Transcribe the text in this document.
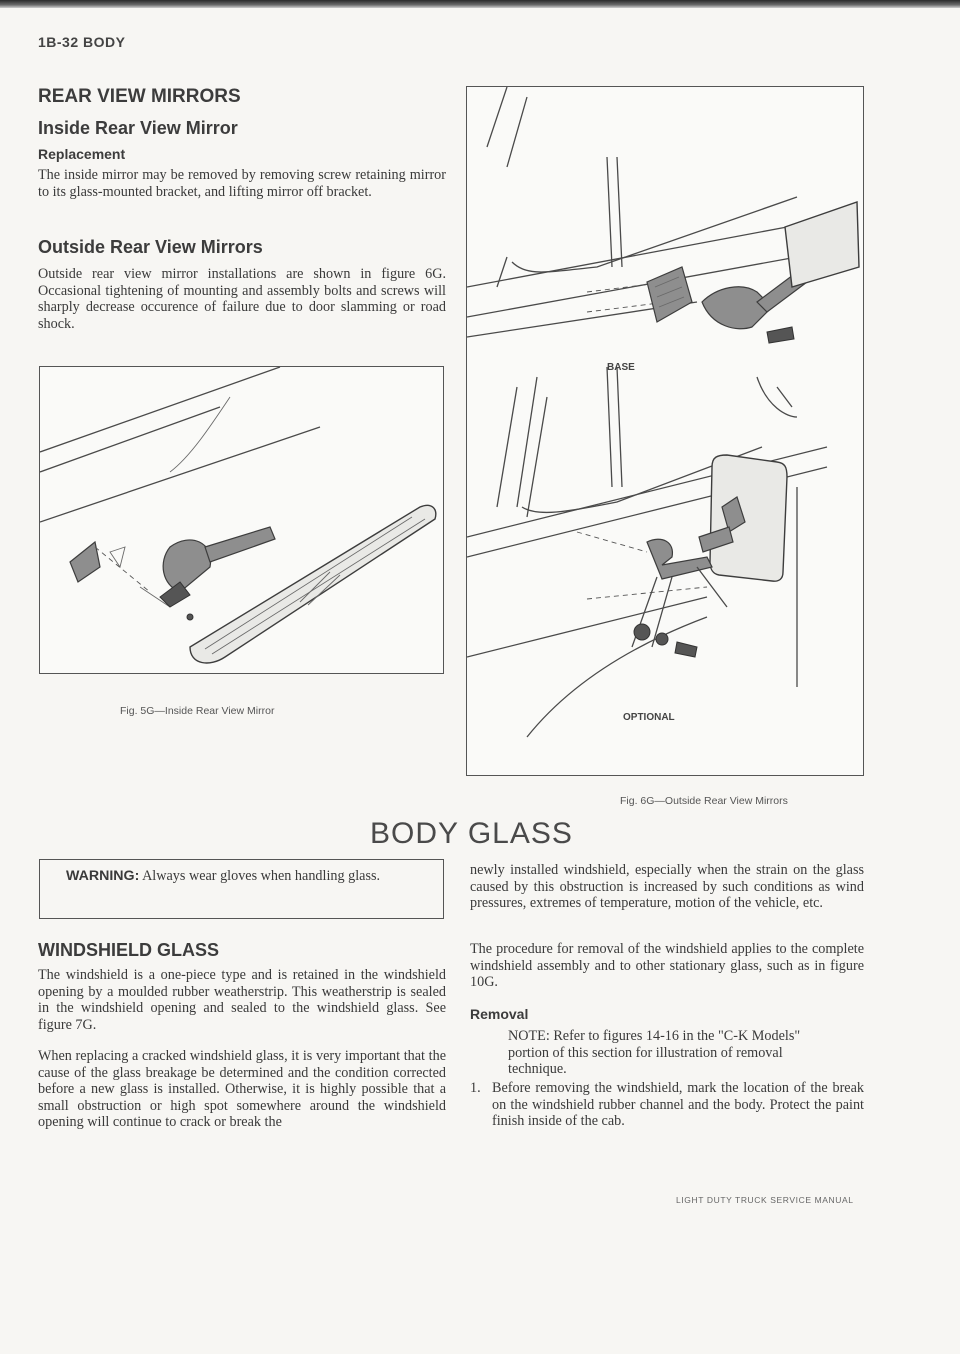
1B-32 BODY
REAR VIEW MIRRORS
Inside Rear View Mirror
Replacement

The inside mirror may be removed by removing screw retaining mirror to its glass-mounted bracket, and lifting mirror off bracket.

Outside Rear View Mirrors

Outside rear view mirror installations are shown in figure 6G. Occasional tightening of mounting and assembly bolts and screws will sharply decrease occurence of failure due to door slamming or road shock.

Fig. 5G—Inside Rear View Mirror
BASE
OPTIONAL
Fig. 6G—Outside Rear View Mirrors
BODY GLASS
WARNING: Always wear gloves when handling glass.
WINDSHIELD GLASS

The windshield is a one-piece type and is retained in the windshield opening by a moulded rubber weatherstrip. This weatherstrip is sealed in the windshield opening and sealed to the windshield glass. See figure 7G.

When replacing a cracked windshield glass, it is very important that the cause of the glass breakage be determined and the condition corrected before a new glass is installed. Otherwise, it is highly possible that a small obstruction or high spot somewhere around the windshield opening will continue to crack or break the

newly installed windshield, especially when the strain on the glass caused by this obstruction is increased by such conditions as wind pressures, extremes of temperature, motion of the vehicle, etc.

The procedure for removal of the windshield applies to the complete windshield assembly and to other stationary glass, such as in figure 10G.

Removal

NOTE: Refer to figures 14-16 in the "C-K Models" portion of this section for illustration of removal technique.

1. Before removing the windshield, mark the location of the break on the windshield rubber channel and the body. Protect the paint finish inside of the cab.

LIGHT DUTY TRUCK SERVICE MANUAL
